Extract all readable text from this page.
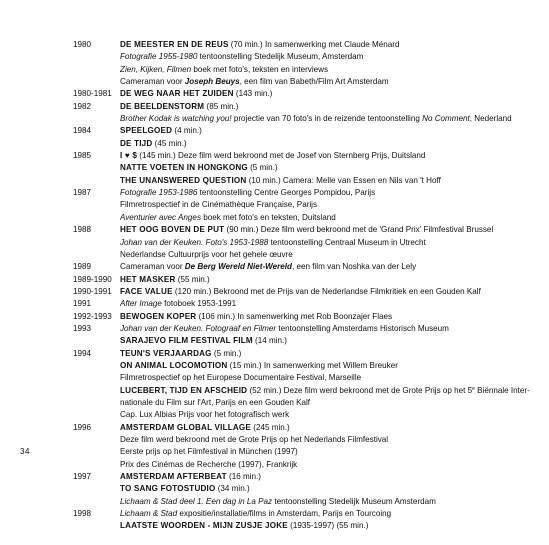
34
1980	DE MEESTER EN DE REUS (70 min.) In samenwerking met Claude Ménard
Fotografie 1955-1980 tentoonstelling Stedelijk Museum, Amsterdam
Zien, Kijken, Filmen boek met foto's, teksten en interviews
Cameraman voor Joseph Beuys, een film van Babeth/Film Art Amsterdam
1980-1981	DE WEG NAAR HET ZUIDEN (143 min.)
1982	DE BEELDENSTORM (85 min.)
Brother Kodak is watching you! projectie van 70 foto's in de reizende tentoonstelling No Comment, Nederland
1984	SPEELGOED (4 min.)
DE TIJD (45 min.)
1985	I ♥ $ (145 min.) Deze film werd bekroond met de Josef von Sternberg Prijs, Duitsland
NATTE VOETEN IN HONGKONG (5 min.)
THE UNANSWERED QUESTION (10 min.) Camera: Melle van Essen en Nils van 't Hoff
1987	Fotografie 1953-1986 tentoonstelling Centre Georges Pompidou, Parijs
Filmretrospectief in de Cinémathèque Française, Parijs
Aventurier avec Anges boek met foto's en teksten, Duitsland
1988	HET OOG BOVEN DE PUT (90 min.) Deze film werd bekroond met de 'Grand Prix' Filmfestival Brussel
Johan van der Keuken. Foto's 1953-1988 tentoonstelling Centraal Museum in Utrecht
Nederlandse Cultuurprijs voor het gehele œuvre
1989	Cameraman voor De Berg Wereld Niet-Wereld, een film van Noshka van der Lely
1989-1990	HET MASKER (55 min.)
1990-1991	FACE VALUE (120 min.) Bekroond met de Prijs van de Nederlandse Filmkritiek en een Gouden Kalf
1991	After Image fotoboek 1953-1991
1992-1993	BEWOGEN KOPER (106 min.) In samenwerking met Rob Boonzajer Flaes
1993	Johan van der Keuken. Fotograaf en Filmer tentoonstelling Amsterdams Historisch Museum
SARAJEVO FILM FESTIVAL FILM (14 min.)
1994	TEUN'S VERJAARDAG (5 min.)
ON ANIMAL LOCOMOTION (15 min.) In samenwerking met Willem Breuker
Filmretrospectief op het Europese Documentaire Festival, Marseille
LUCEBERT, TIJD EN AFSCHEID (52 min.) Deze film werd bekroond met de Grote Prijs op het 5e Biënnale Inter-
nationale du Film sur l'Art, Parijs en een Gouden Kalf
Cap. Lux Albias Prijs voor het fotografisch werk
1996	AMSTERDAM GLOBAL VILLAGE (245 min.)
Deze film werd bekroond met de Grote Prijs op het Nederlands Filmfestival
Eerste prijs op het Filmfestival in München (1997)
Prix des Cinémas de Recherche (1997), Frankrijk
1997	AMSTERDAM AFTERBEAT (16 min.)
TO SANG FOTOSTUDIO (34 min.)
Lichaam & Stad deel 1. Een dag in La Paz tentoonstelling Stedelijk Museum Amsterdam
1998	Lichaam & Stad expositie/installatie/films in Amsterdam, Parijs en Tourcoing
LAATSTE WOORDEN - MIJN ZUSJE JOKE (1935-1997) (55 min.)
